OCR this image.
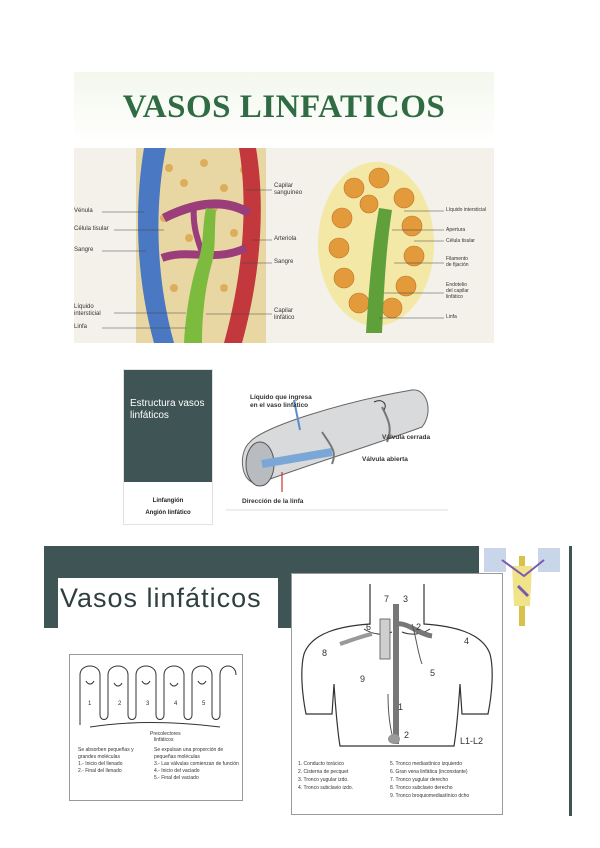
VASOS LINFATICOS
Vénula
Célula tisular
Sangre
Líquido
intersticial
Linfa
Capilar
sanguíneo
Arteriola
Sangre
Capilar
linfático
Líquido intersticial
Apertura
Célula tisular
Filamento
de fijación
Endotelio
del capilar
linfático
Linfa
Estructura vasos linfáticos
Linfangión
Angión linfático
Líquido que ingresa
en el vaso linfático
Válvula cerrada
Válvula abierta
Dirección de la linfa
Vasos linfáticos
1	2	3	4	5
Precolectores
linfáticos
Se absorben pequeñas y
grandes moléculas
1.- Inicio del llenado
2.- Final del llenado
Se expulsan una proporción de
pequeñas moléculas
3.- Las válvulas comienzan de función
4.- Inicio del vaciado
5.- Final del vaciado
7 3
6	2
4
8
9
5
1
2
L1-L2
1. Conducto torácico
2. Cisterna de pecquet
3. Tronco yugular izdo.
4. Tronco subclavio izdo.
5. Tronco mediastínico izquierdo
6. Gran vena linfática (inconstante)
7. Tronco yugular derecho
8. Tronco subclavio derecho
9. Tronco broquiomediastínico dcho
